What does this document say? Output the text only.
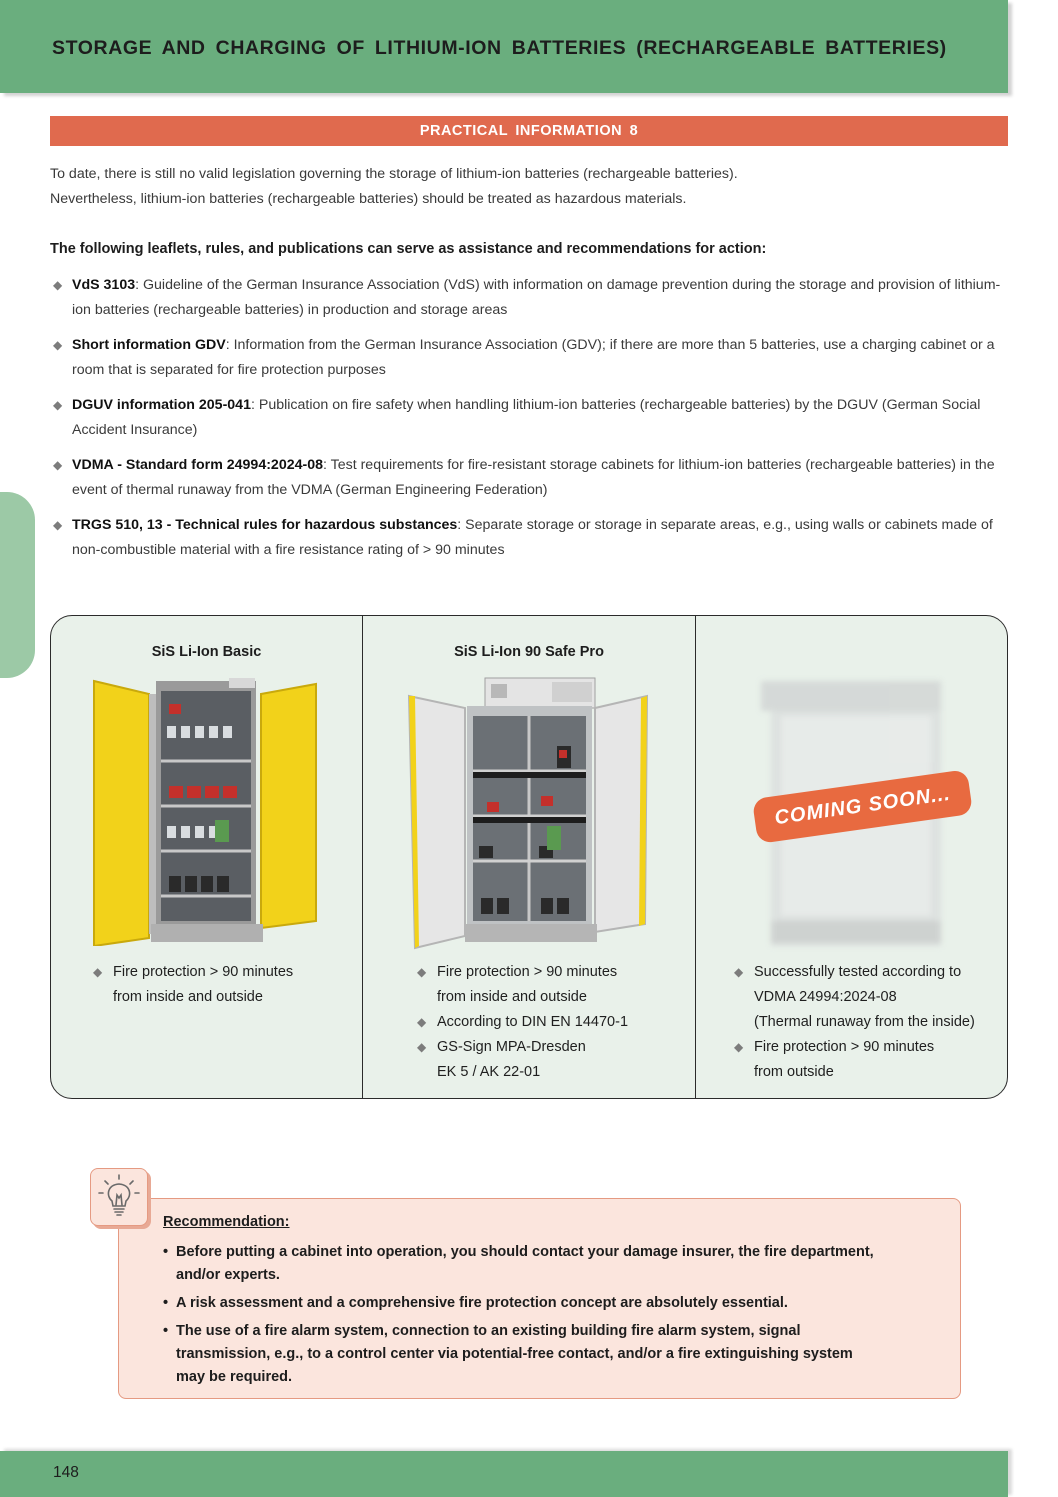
STORAGE AND CHARGING OF LITHIUM-ION BATTERIES (RECHARGEABLE BATTERIES)
PRACTICAL INFORMATION 8
To date, there is still no valid legislation governing the storage of lithium-ion batteries (rechargeable batteries).
Nevertheless, lithium-ion batteries (rechargeable batteries) should be treated as hazardous materials.
The following leaflets, rules, and publications can serve as assistance and recommendations for action:
◆ VdS 3103: Guideline of the German Insurance Association (VdS) with information on damage prevention during the storage and provision of lithium-ion batteries (rechargeable batteries) in production and storage areas
◆ Short information GDV: Information from the German Insurance Association (GDV); if there are more than 5 batteries, use a charging cabinet or a room that is separated for fire protection purposes
◆ DGUV information 205-041: Publication on fire safety when handling lithium-ion batteries (rechargeable batteries) by the DGUV (German Social Accident Insurance)
◆ VDMA - Standard form 24994:2024-08: Test requirements for fire-resistant storage cabinets for lithium-ion batteries (rechargeable batteries) in the event of thermal runaway from the VDMA (German Engineering Federation)
◆ TRGS 510, 13 - Technical rules for hazardous substances: Separate storage or storage in separate areas, e.g., using walls or cabinets made of non-combustible material with a fire resistance rating of > 90 minutes
SiS Li-Ion Basic
◆ Fire protection > 90 minutes
from inside and outside
SiS Li-Ion 90 Safe Pro
◆ Fire protection > 90 minutes
from inside and outside
◆ According to DIN EN 14470-1
◆ GS-Sign MPA-Dresden
EK 5 / AK 22-01
COMING SOON...
◆ Successfully tested according to
VDMA 24994:2024-08
(Thermal runaway from the inside)
◆ Fire protection > 90 minutes
from outside
Recommendation:
• Before putting a cabinet into operation, you should contact your damage insurer, the fire department,
and/or experts.
• A risk assessment and a comprehensive fire protection concept are absolutely essential.
• The use of a fire alarm system, connection to an existing building fire alarm system, signal
transmission, e.g., to a control center via potential-free contact, and/or a fire extinguishing system
may be required.
148
